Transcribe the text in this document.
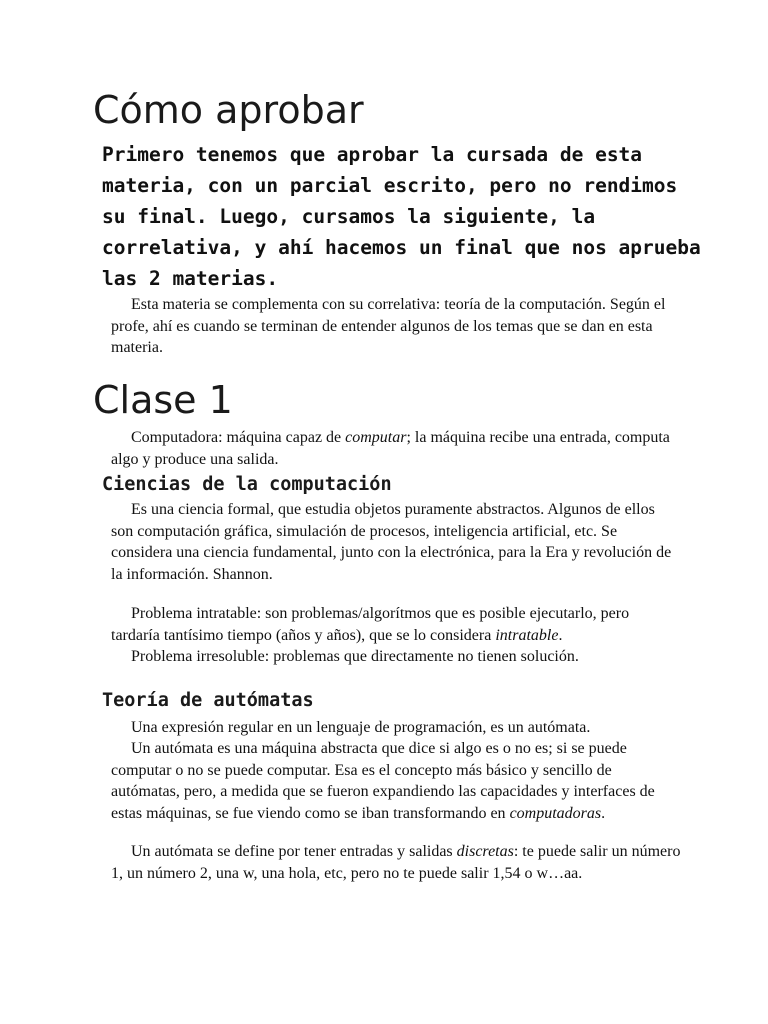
Cómo aprobar

Primero tenemos que aprobar la cursada de esta materia, con un parcial escrito, pero no rendimos su final. Luego, cursamos la siguiente, la correlativa, y ahí hacemos un final que nos aprueba las 2 materias.

Esta materia se complementa con su correlativa: teoría de la computación. Según el profe, ahí es cuando se terminan de entender algunos de los temas que se dan en esta materia.

Clase 1

Computadora: máquina capaz de computar; la máquina recibe una entrada, computa algo y produce una salida.

Ciencias de la computación

Es una ciencia formal, que estudia objetos puramente abstractos. Algunos de ellos son computación gráfica, simulación de procesos, inteligencia artificial, etc. Se considera una ciencia fundamental, junto con la electrónica, para la Era y revolución de la información. Shannon.

Problema intratable: son problemas/algorítmos que es posible ejecutarlo, pero tardaría tantísimo tiempo (años y años), que se lo considera intratable.

Problema irresoluble: problemas que directamente no tienen solución.

Teoría de autómatas

Una expresión regular en un lenguaje de programación, es un autómata.

Un autómata es una máquina abstracta que dice si algo es o no es; si se puede computar o no se puede computar. Esa es el concepto más básico y sencillo de autómatas, pero, a medida que se fueron expandiendo las capacidades y interfaces de estas máquinas, se fue viendo como se iban transformando en computadoras.

Un autómata se define por tener entradas y salidas discretas: te puede salir un número 1, un número 2, una w, una hola, etc, pero no te puede salir 1,54 o w…aa.
